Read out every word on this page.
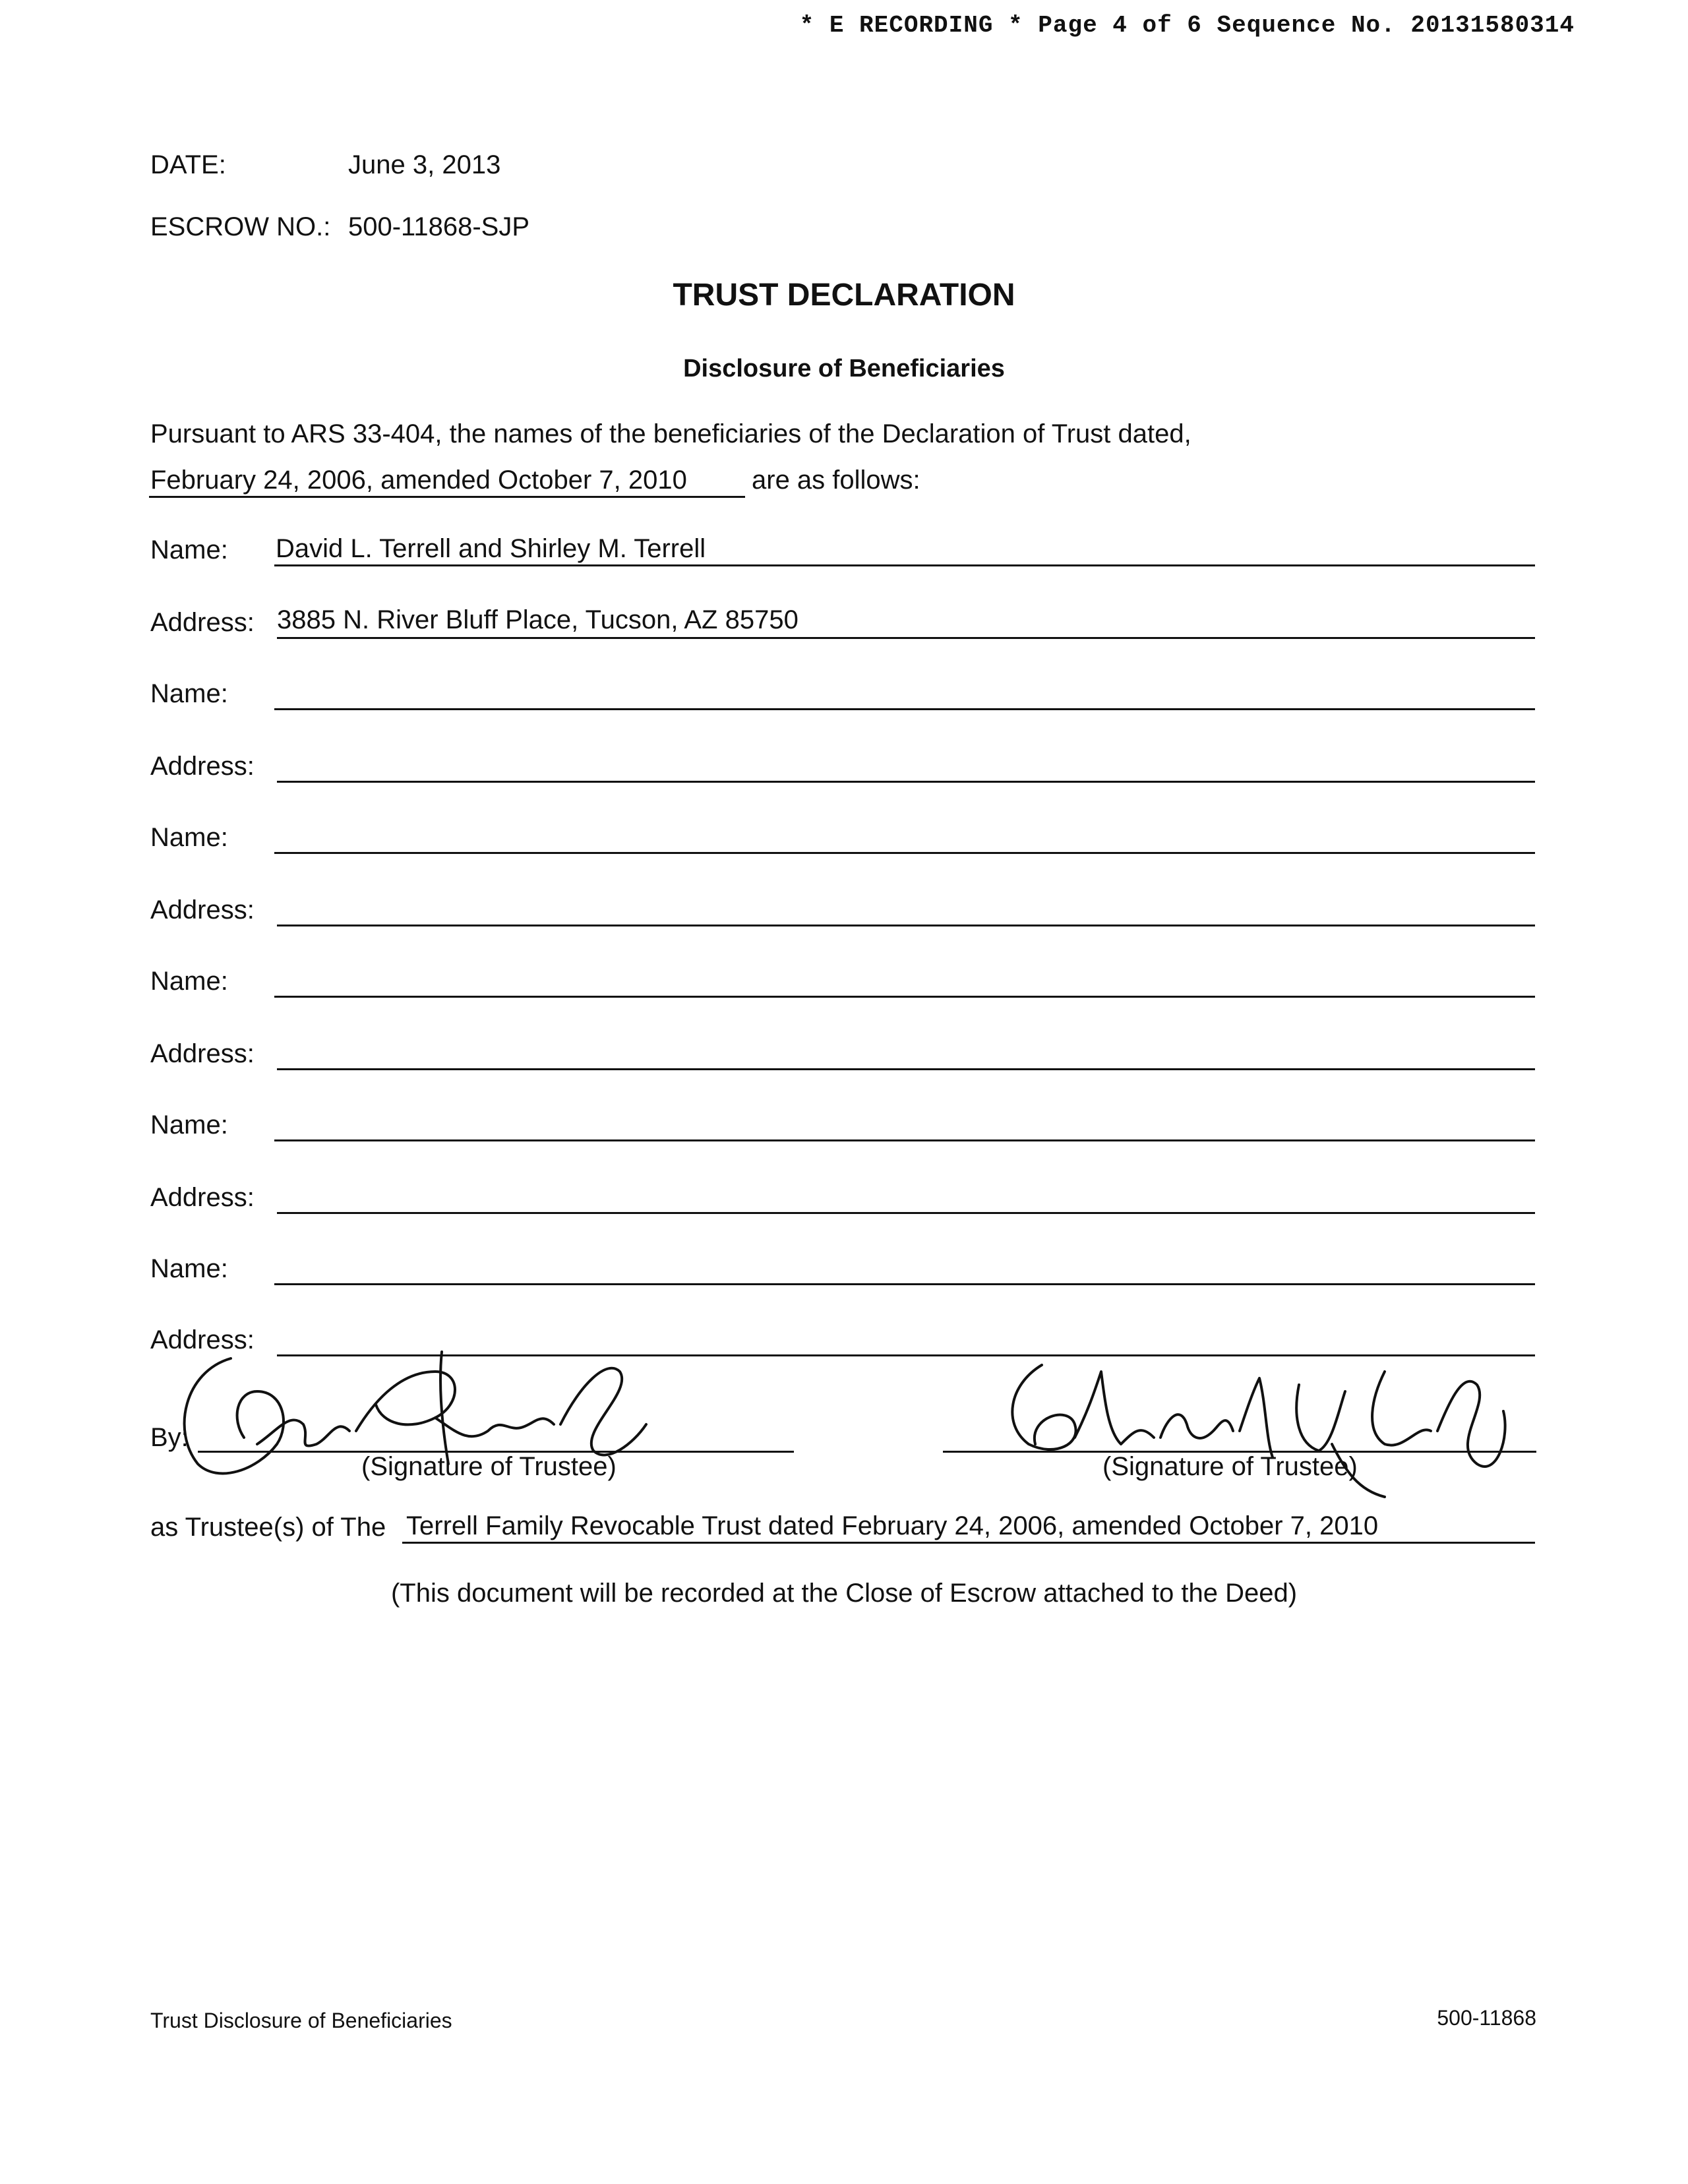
* E RECORDING * Page 4 of 6 Sequence No. 20131580314
DATE:	June 3, 2013
ESCROW NO.: 500-11868-SJP
TRUST DECLARATION
Disclosure of Beneficiaries
Pursuant to ARS 33-404, the names of the beneficiaries of the Declaration of Trust dated,
February 24, 2006, amended October 7, 2010 are as follows:
Name: David L. Terrell and Shirley M. Terrell
Address: 3885 N. River Bluff Place, Tucson, AZ 85750
Name:
Address:
Name:
Address:
Name:
Address:
Name:
Address:
Name:
Address:
By:
(Signature of Trustee)	(Signature of Trustee)
as Trustee(s) of The Terrell Family Revocable Trust dated February 24, 2006, amended October 7, 2010
(This document will be recorded at the Close of Escrow attached to the Deed)
Trust Disclosure of Beneficiaries	500-11868
